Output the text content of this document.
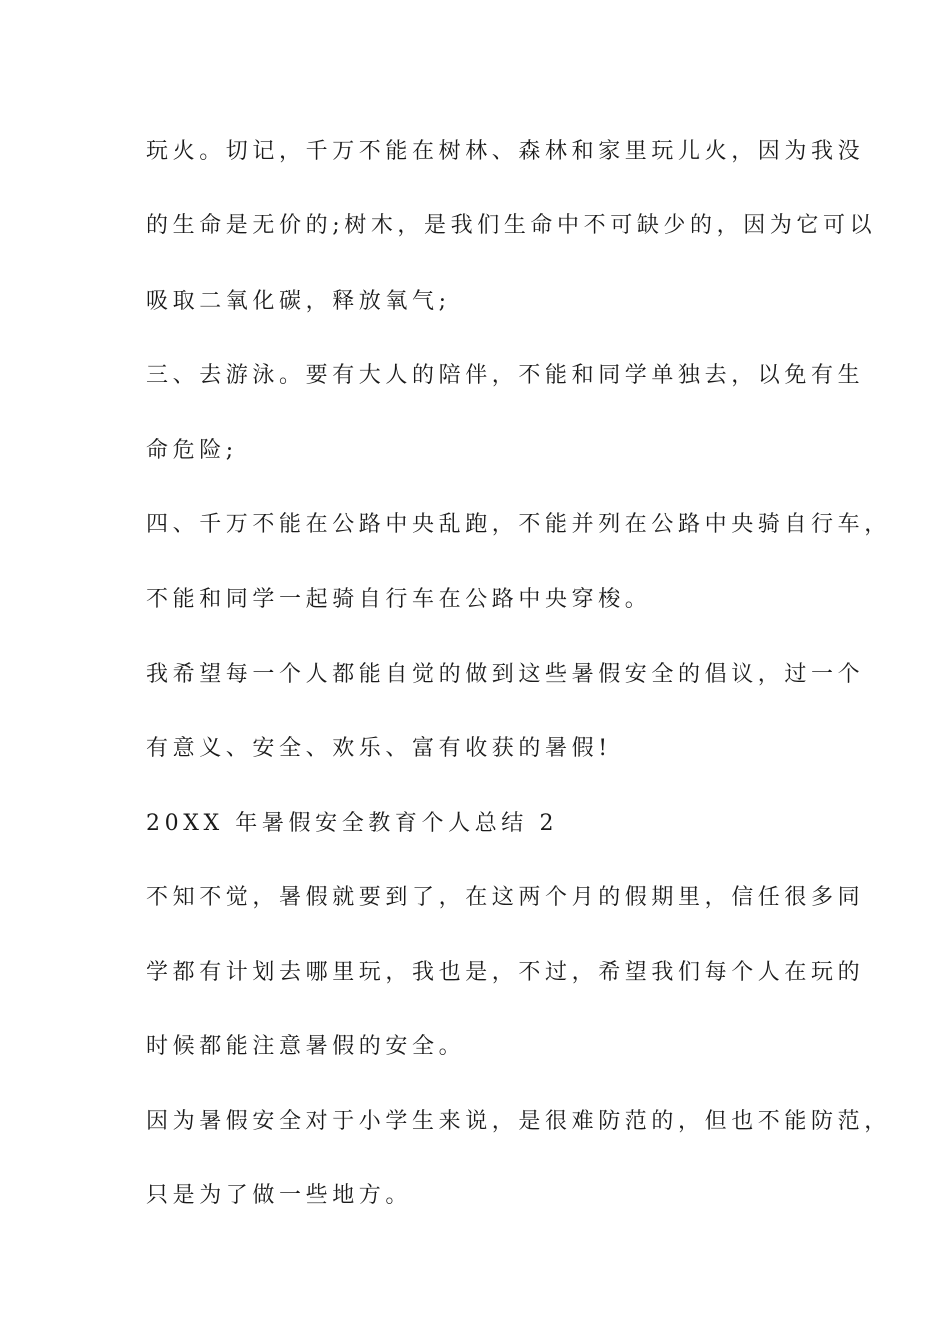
玩火。切记，千万不能在树林、森林和家里玩儿火，因为我没
的生命是无价的;树木，是我们生命中不可缺少的，因为它可以
吸取二氧化碳，释放氧气;
三、去游泳。要有大人的陪伴，不能和同学单独去，以免有生
命危险;
四、千万不能在公路中央乱跑，不能并列在公路中央骑自行车，
不能和同学一起骑自行车在公路中央穿梭。
我希望每一个人都能自觉的做到这些暑假安全的倡议，过一个
有意义、安全、欢乐、富有收获的暑假!
20XX 年暑假安全教育个人总结 2
不知不觉，暑假就要到了，在这两个月的假期里，信任很多同
学都有计划去哪里玩，我也是，不过，希望我们每个人在玩的
时候都能注意暑假的安全。
因为暑假安全对于小学生来说，是很难防范的，但也不能防范，
只是为了做一些地方。
